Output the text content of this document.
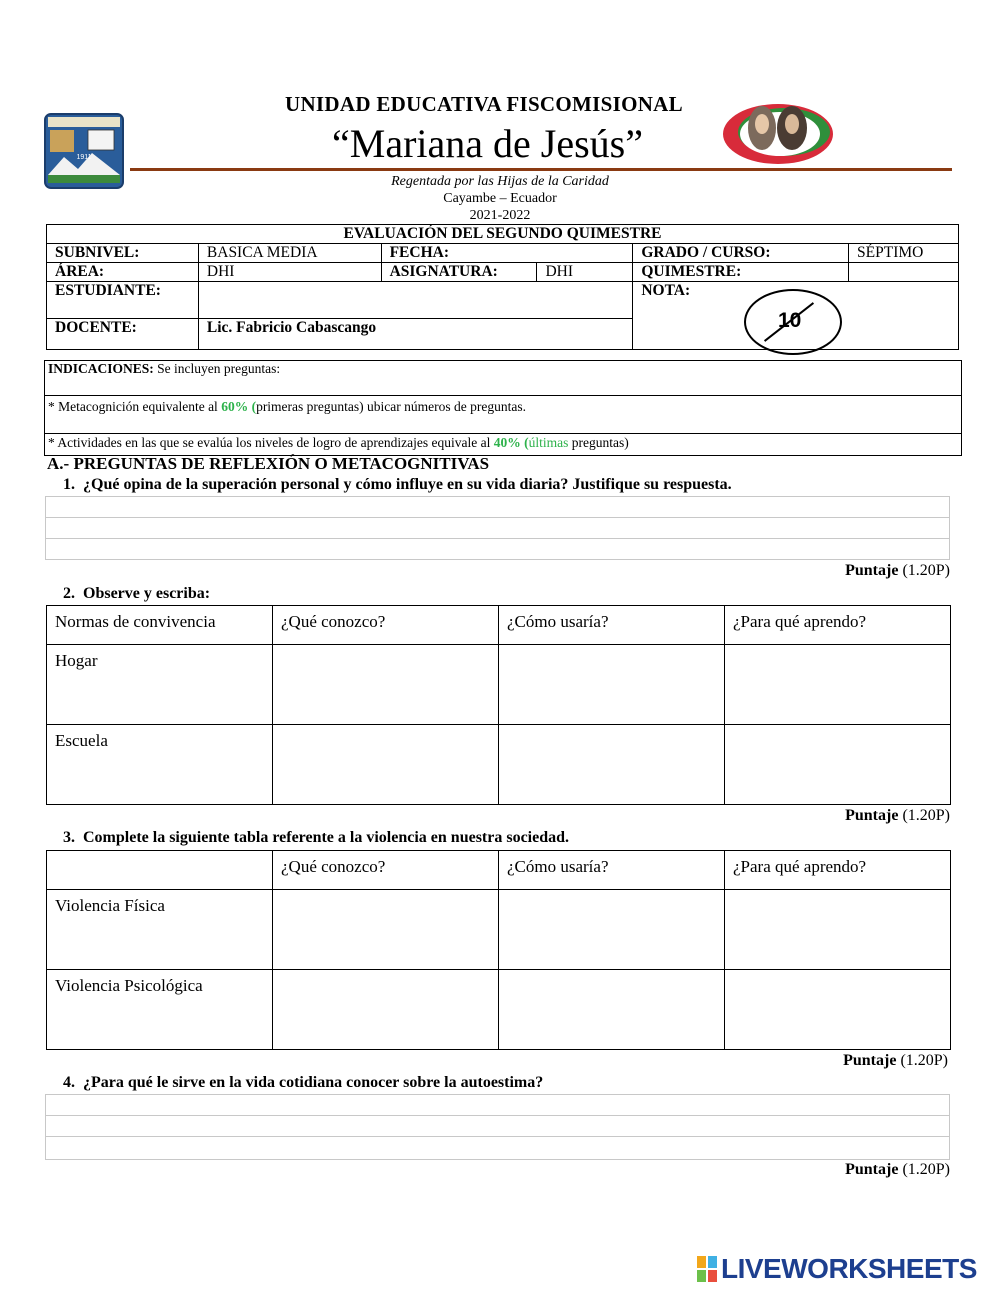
1911
UNIDAD EDUCATIVA FISCOMISIONAL
“Mariana de Jesús”
Regentada por las Hijas de la Caridad
Cayambe – Ecuador
2021-2022
EVALUACIÓN DEL SEGUNDO QUIMESTRE					
SUBNIVEL:	BASICA MEDIA	FECHA:		GRADO / CURSO:	SÉPTIMO
ÁREA:	DHI	ASIGNATURA:	DHI	QUIMESTRE:	
ESTUDIANTE:				NOTA:	
DOCENTE:	Lic. Fabricio Cabascango					10
INDICACIONES: Se incluyen preguntas:
* Metacognición equivalente al 60% (primeras preguntas) ubicar números de preguntas.
* Actividades en las que se evalúa los niveles de logro de aprendizajes equivale al 40% (últimas preguntas)
A.- PREGUNTAS DE REFLEXIÓN O METACOGNITIVAS
1. ¿Qué opina de la superación personal y cómo influye en su vida diaria? Justifique su respuesta.
Puntaje (1.20P)
2. Observe y escriba:
Normas de convivencia	¿Qué conozco?	¿Cómo usaría?	¿Para qué aprendo?
Hogar			
Escuela			
Puntaje (1.20P)
3. Complete la siguiente tabla referente a la violencia en nuestra sociedad.
	¿Qué conozco?	¿Cómo usaría?	¿Para qué aprendo?
Violencia Física			
Violencia Psicológica			
Puntaje (1.20P)
4. ¿Para qué le sirve en la vida cotidiana conocer sobre la autoestima?
Puntaje (1.20P)
LIVEWORKSHEETS
